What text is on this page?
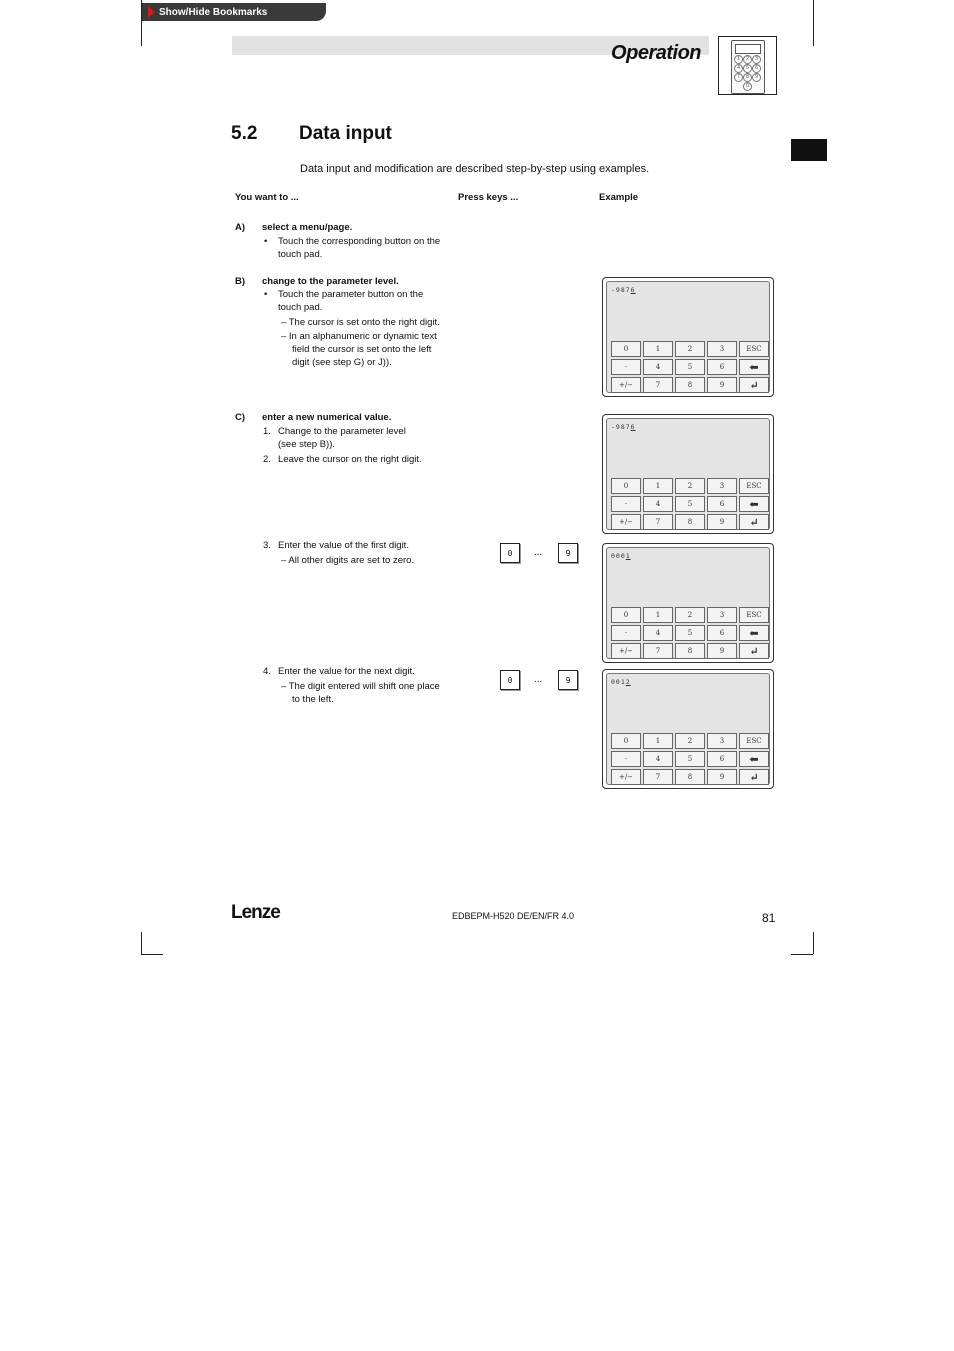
Show/Hide Bookmarks
Operation	1	2	3
4	5	6
7	8	9
0
5.2 Data input
Data input and modification are described step-by-step using examples.
You want to ...	Press keys ...	Example
A) select a menu/page.
• Touch the corresponding button on the
touch pad.
B) change to the parameter level.
• Touch the parameter button on the
touch pad.
– The cursor is set onto the right digit.
– In an alphanumeric or dynamic text
field the cursor is set onto the left
digit (see step G) or J)).
C) enter a new numerical value.
1. Change to the parameter level
(see step B)).
2. Leave the cursor on the right digit.
3. Enter the value of the first digit.
– All other digits are set to zero.
4. Enter the value for the next digit.
– The digit entered will shift one place
to the left.
0	...	9
0	...	9
-9876
0	1	2	3	ESC
·	4	5	6	⬅
+/−	7	8	9	↵
-9876
0	1	2	3	ESC
·	4	5	6	⬅
+/−	7	8	9	↵
0001
0	1	2	3	ESC
·	4	5	6	⬅
+/−	7	8	9	↵
0012
0	1	2	3	ESC
·	4	5	6	⬅
+/−	7	8	9	↵
Lenze	EDBEPM-H520 DE/EN/FR 4.0	81
